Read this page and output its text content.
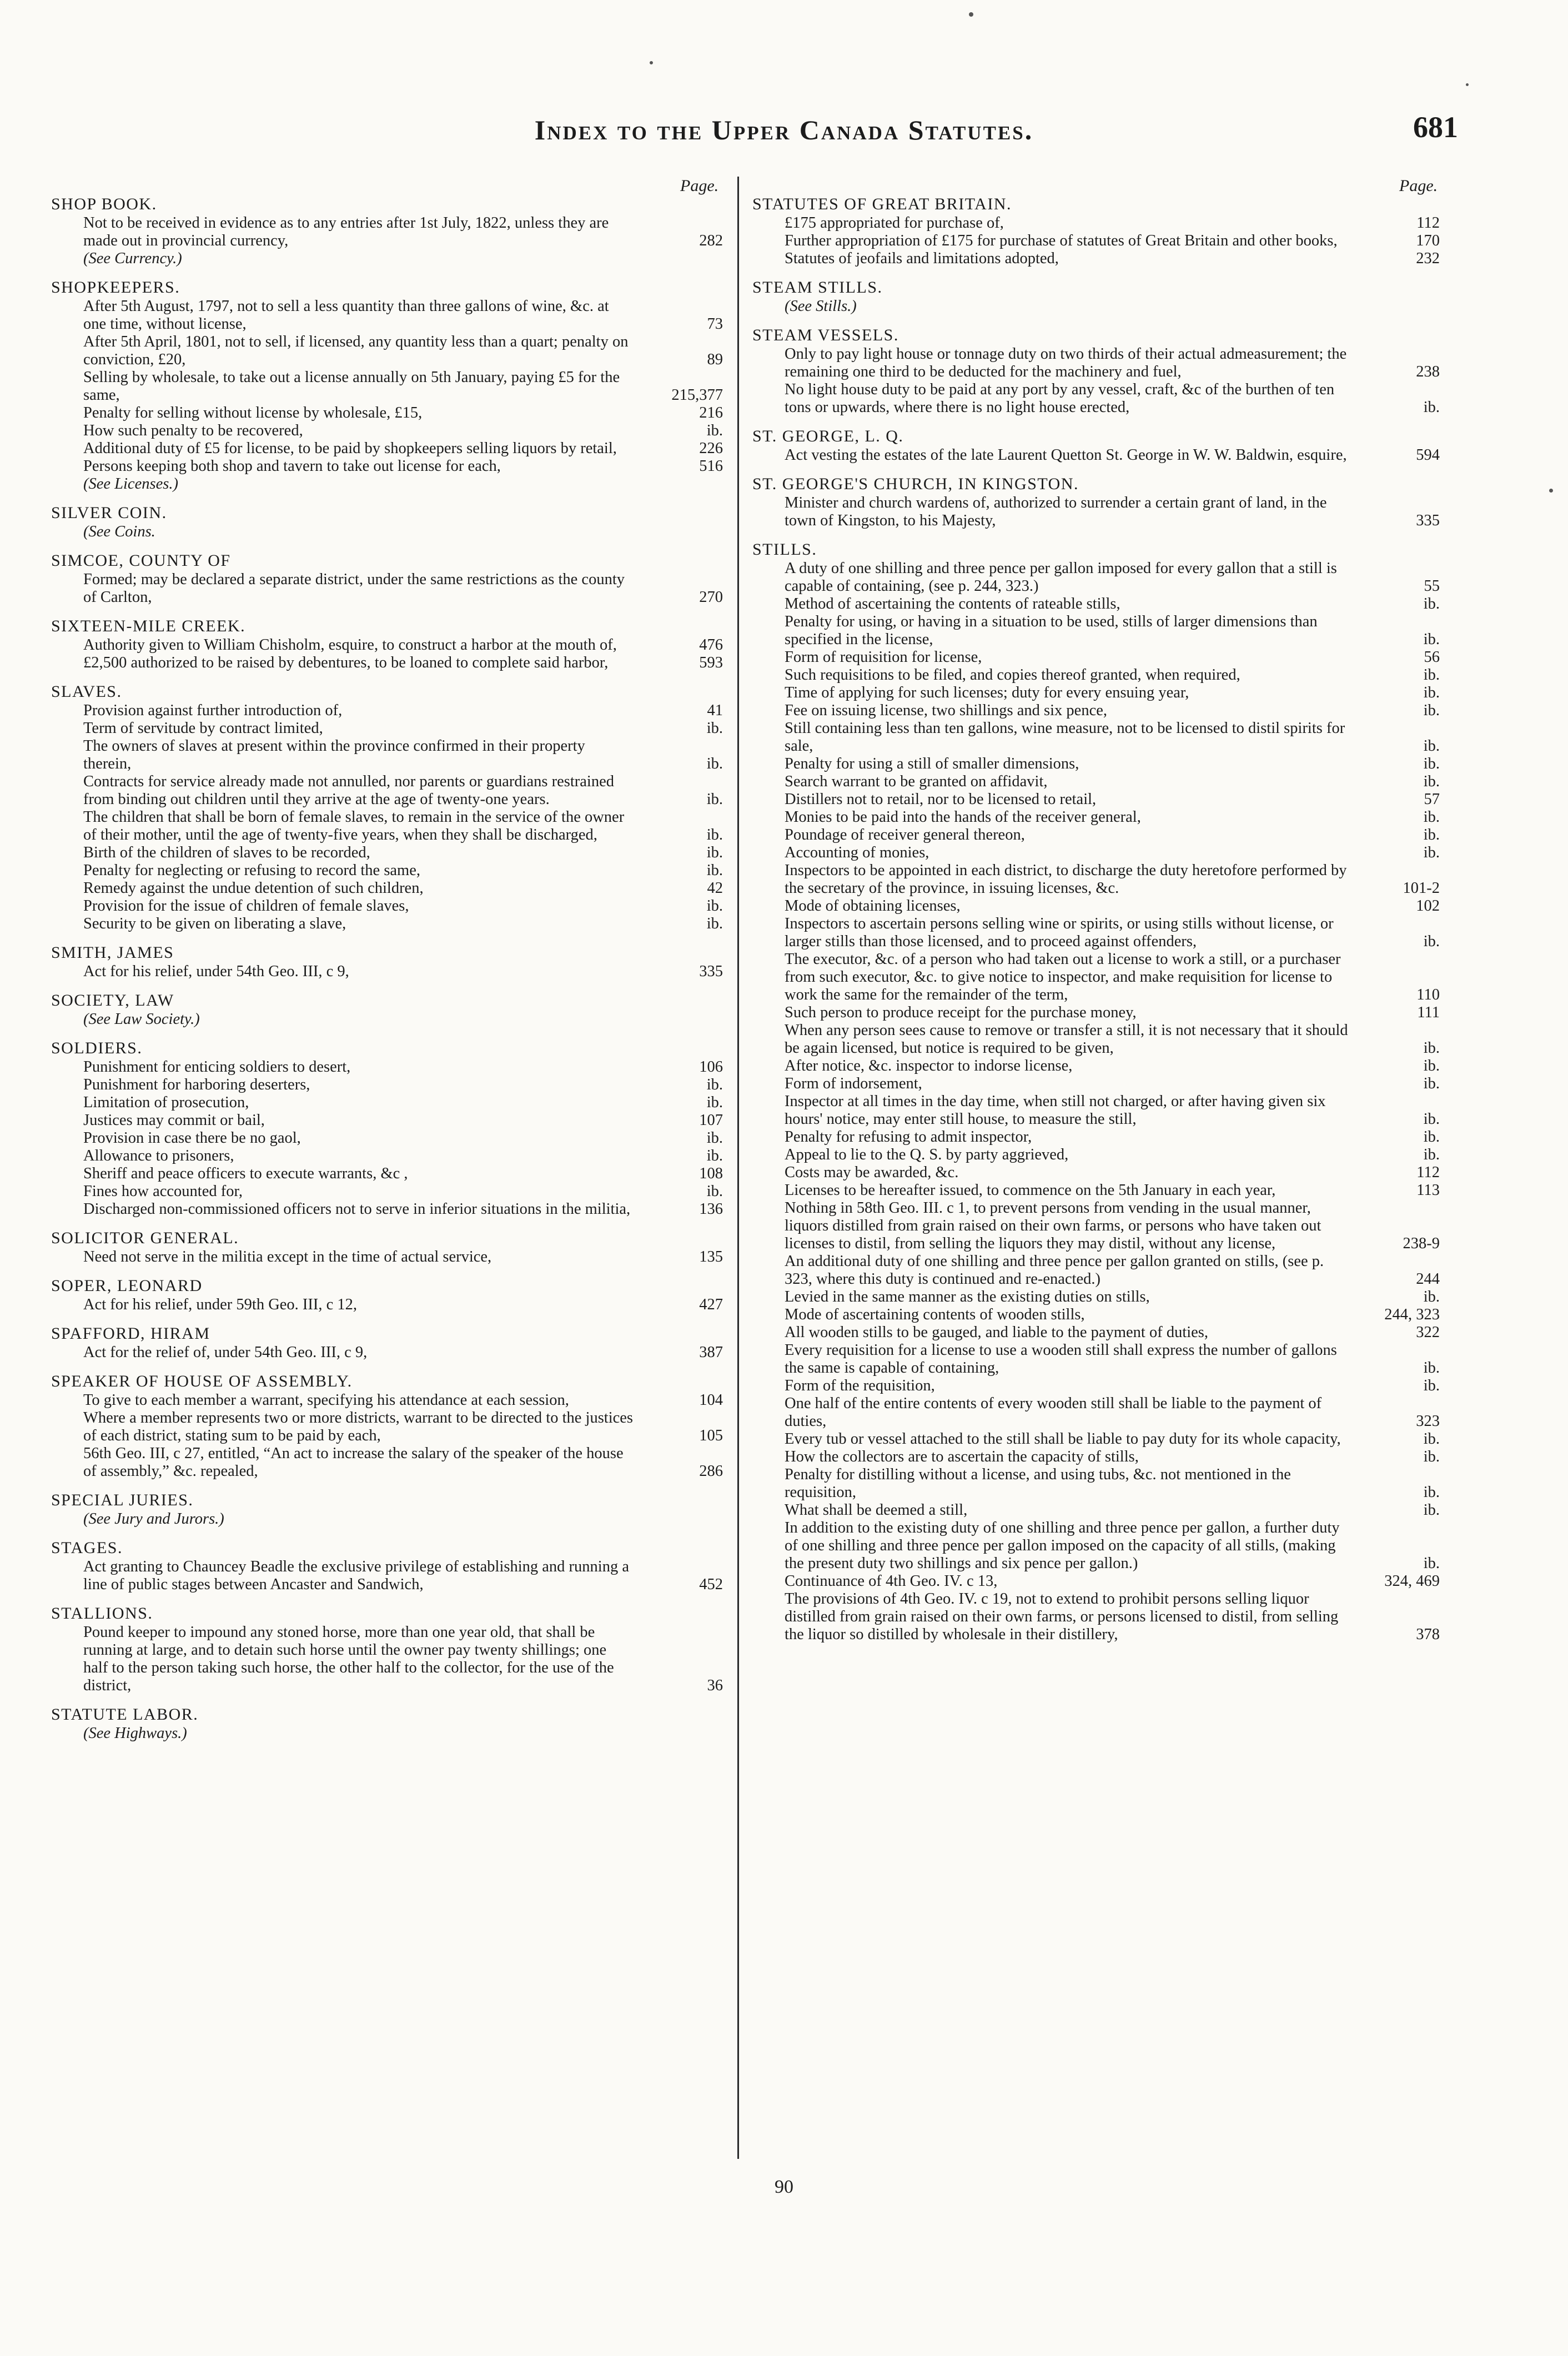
Index to the Upper Canada Statutes.	681
Page.	Page.
SHOP BOOK.
Not to be received in evidence as to any entries after 1st July, 1822, unless they are made out in provincial currency,	282
(See Currency.)
SHOPKEEPERS.
After 5th August, 1797, not to sell a less quantity than three gallons of wine, &c. at one time, without license,	73
After 5th April, 1801, not to sell, if licensed, any quantity less than a quart; penalty on conviction, £20,	89
Selling by wholesale, to take out a license annually on 5th January, paying £5 for the same,	215,377
Penalty for selling without license by wholesale, £15,	216
How such penalty to be recovered,	ib.
Additional duty of £5 for license, to be paid by shopkeepers selling liquors by retail,	226
Persons keeping both shop and tavern to take out license for each,	516
(See Licenses.)
SILVER COIN.
(See Coins.
SIMCOE, COUNTY OF
Formed; may be declared a separate district, under the same restrictions as the county of Carlton,	270
SIXTEEN-MILE CREEK.
Authority given to William Chisholm, esquire, to construct a harbor at the mouth of,	476
£2,500 authorized to be raised by debentures, to be loaned to complete said harbor,	593
SLAVES.
Provision against further introduction of,	41
Term of servitude by contract limited,	ib.
The owners of slaves at present within the province confirmed in their property therein,	ib.
Contracts for service already made not annulled, nor parents or guardians restrained from binding out children until they arrive at the age of twenty-one years.	ib.
The children that shall be born of female slaves, to remain in the service of the owner of their mother, until the age of twenty-five years, when they shall be discharged,	ib.
Birth of the children of slaves to be recorded,	ib.
Penalty for neglecting or refusing to record the same,	ib.
Remedy against the undue detention of such children,	42
Provision for the issue of children of female slaves,	ib.
Security to be given on liberating a slave,	ib.
SMITH, JAMES
Act for his relief, under 54th Geo. III, c 9,	335
SOCIETY, LAW
(See Law Society.)
SOLDIERS.
Punishment for enticing soldiers to desert,	106
Punishment for harboring deserters,	ib.
Limitation of prosecution,	ib.
Justices may commit or bail,	107
Provision in case there be no gaol,	ib.
Allowance to prisoners,	ib.
Sheriff and peace officers to execute warrants, &c ,	108
Fines how accounted for,	ib.
Discharged non-commissioned officers not to serve in inferior situations in the militia,	136
SOLICITOR GENERAL.
Need not serve in the militia except in the time of actual service,	135
SOPER, LEONARD
Act for his relief, under 59th Geo. III, c 12,	427
SPAFFORD, HIRAM
Act for the relief of, under 54th Geo. III, c 9,	387
SPEAKER OF HOUSE OF ASSEMBLY.
To give to each member a warrant, specifying his attendance at each session,	104
Where a member represents two or more districts, warrant to be directed to the justices of each district, stating sum to be paid by each,	105
56th Geo. III, c 27, entitled, “An act to increase the salary of the speaker of the house of assembly,” &c. repealed,	286
SPECIAL JURIES.
(See Jury and Jurors.)
STAGES.
Act granting to Chauncey Beadle the exclusive privilege of establishing and running a line of public stages between Ancaster and Sandwich,	452
STALLIONS.
Pound keeper to impound any stoned horse, more than one year old, that shall be running at large, and to detain such horse until the owner pay twenty shillings; one half to the person taking such horse, the other half to the collector, for the use of the district,	36
STATUTE LABOR.
(See Highways.)
STATUTES OF GREAT BRITAIN.
£175 appropriated for purchase of,	112
Further appropriation of £175 for purchase of statutes of Great Britain and other books,	170
Statutes of jeofails and limitations adopted,	232
STEAM STILLS.
(See Stills.)
STEAM VESSELS.
Only to pay light house or tonnage duty on two thirds of their actual admeasurement; the remaining one third to be deducted for the machinery and fuel,	238
No light house duty to be paid at any port by any vessel, craft, &c of the burthen of ten tons or upwards, where there is no light house erected,	ib.
ST. GEORGE, L. Q.
Act vesting the estates of the late Laurent Quetton St. George in W. W. Baldwin, esquire,	594
ST. GEORGE'S CHURCH, IN KINGSTON.
Minister and church wardens of, authorized to surrender a certain grant of land, in the town of Kingston, to his Majesty,	335
STILLS.
A duty of one shilling and three pence per gallon imposed for every gallon that a still is capable of containing, (see p. 244, 323.)	55
Method of ascertaining the contents of rateable stills,	ib.
Penalty for using, or having in a situation to be used, stills of larger dimensions than specified in the license,	ib.
Form of requisition for license,	56
Such requisitions to be filed, and copies thereof granted, when required,	ib.
Time of applying for such licenses; duty for every ensuing year,	ib.
Fee on issuing license, two shillings and six pence,	ib.
Still containing less than ten gallons, wine measure, not to be licensed to distil spirits for sale,	ib.
Penalty for using a still of smaller dimensions,	ib.
Search warrant to be granted on affidavit,	ib.
Distillers not to retail, nor to be licensed to retail,	57
Monies to be paid into the hands of the receiver general,	ib.
Poundage of receiver general thereon,	ib.
Accounting of monies,	ib.
Inspectors to be appointed in each district, to discharge the duty heretofore performed by the secretary of the province, in issuing licenses, &c.	101-2
Mode of obtaining licenses,	102
Inspectors to ascertain persons selling wine or spirits, or using stills without license, or larger stills than those licensed, and to proceed against offenders,	ib.
The executor, &c. of a person who had taken out a license to work a still, or a purchaser from such executor, &c. to give notice to inspector, and make requisition for license to work the same for the remainder of the term,	110
Such person to produce receipt for the purchase money,	111
When any person sees cause to remove or transfer a still, it is not necessary that it should be again licensed, but notice is required to be given,	ib.
After notice, &c. inspector to indorse license,	ib.
Form of indorsement,	ib.
Inspector at all times in the day time, when still not charged, or after having given six hours' notice, may enter still house, to measure the still,	ib.
Penalty for refusing to admit inspector,	ib.
Appeal to lie to the Q. S. by party aggrieved,	ib.
Costs may be awarded, &c.	112
Licenses to be hereafter issued, to commence on the 5th January in each year,	113
Nothing in 58th Geo. III. c 1, to prevent persons from vending in the usual manner, liquors distilled from grain raised on their own farms, or persons who have taken out licenses to distil, from selling the liquors they may distil, without any license,	238-9
An additional duty of one shilling and three pence per gallon granted on stills, (see p. 323, where this duty is continued and re-enacted.)	244
Levied in the same manner as the existing duties on stills,	ib.
Mode of ascertaining contents of wooden stills,	244, 323
All wooden stills to be gauged, and liable to the payment of duties,	322
Every requisition for a license to use a wooden still shall express the number of gallons the same is capable of containing,	ib.
Form of the requisition,	ib.
One half of the entire contents of every wooden still shall be liable to the payment of duties,	323
Every tub or vessel attached to the still shall be liable to pay duty for its whole capacity,	ib.
How the collectors are to ascertain the capacity of stills,	ib.
Penalty for distilling without a license, and using tubs, &c. not mentioned in the requisition,	ib.
What shall be deemed a still,	ib.
In addition to the existing duty of one shilling and three pence per gallon, a further duty of one shilling and three pence per gallon imposed on the capacity of all stills, (making the present duty two shillings and six pence per gallon.)	ib.
Continuance of 4th Geo. IV. c 13,	324, 469
The provisions of 4th Geo. IV. c 19, not to extend to prohibit persons selling liquor distilled from grain raised on their own farms, or persons licensed to distil, from selling the liquor so distilled by wholesale in their distillery,	378
90
